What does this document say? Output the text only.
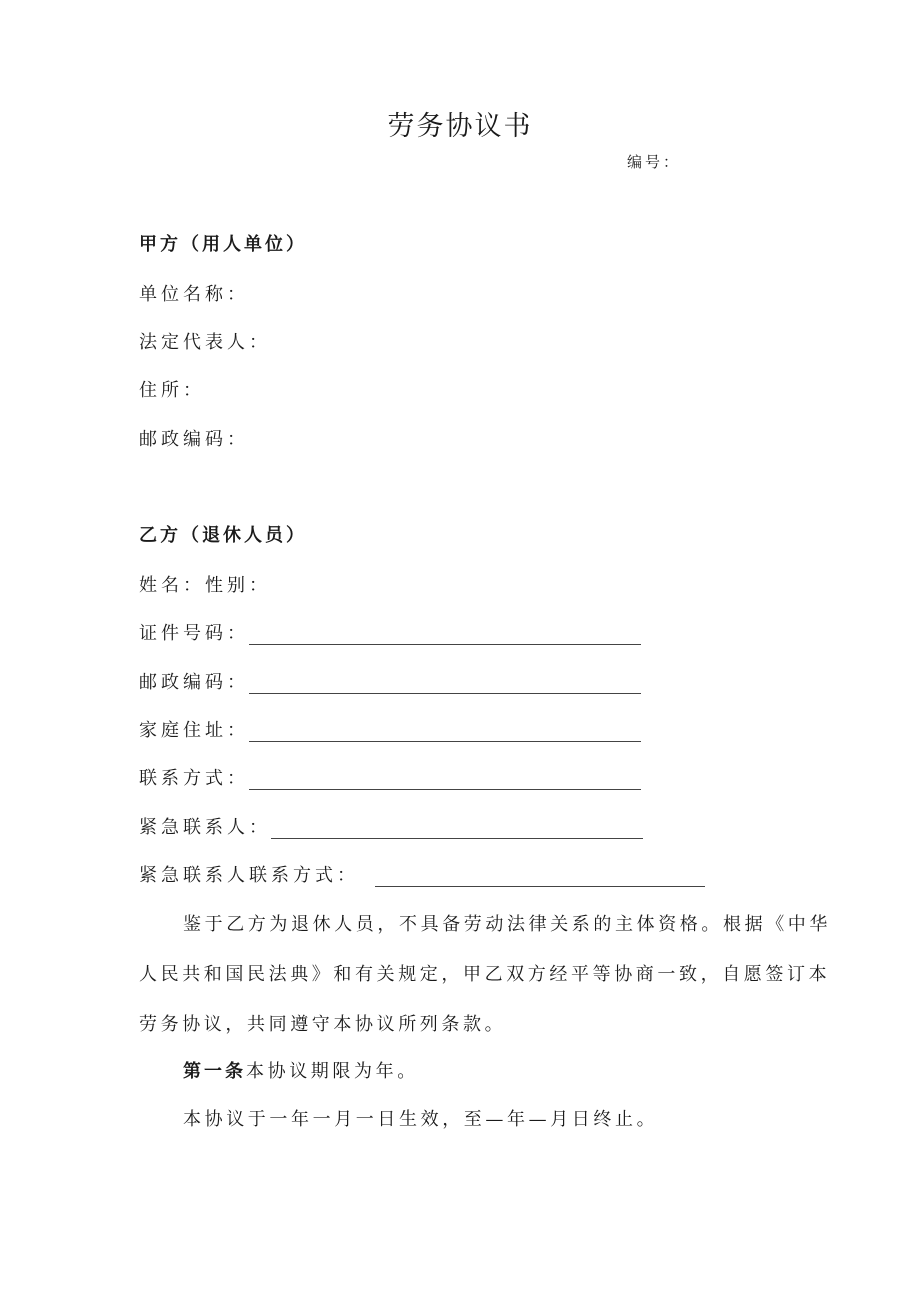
劳务协议书
编号：
甲方（用人单位）
单位名称：
法定代表人：
住所：
邮政编码：
乙方（退休人员）
姓名：性别：
证件号码：
邮政编码：
家庭住址：
联系方式：
紧急联系人：
紧急联系人联系方式：
鉴于乙方为退休人员，不具备劳动法律关系的主体资格。根据《中华
人民共和国民法典》和有关规定，甲乙双方经平等协商一致，自愿签订本
劳务协议，共同遵守本协议所列条款。
第一条本协议期限为年。
本协议于一年一月一日生效，至—年—月日终止。
